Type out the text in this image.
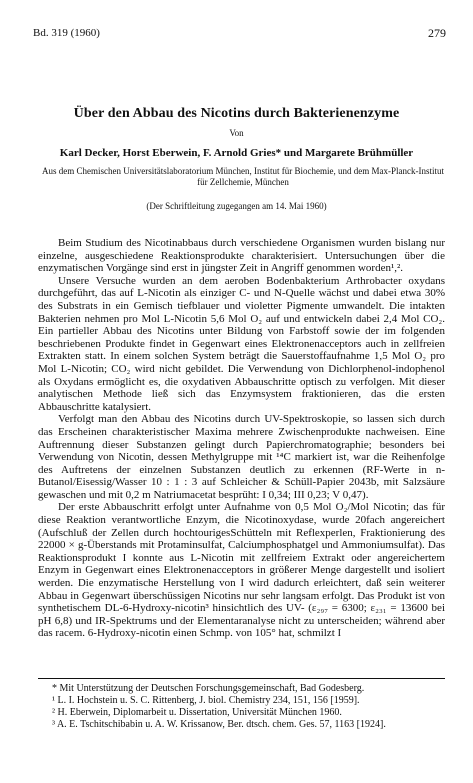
Bd. 319 (1960)	279
Über den Abbau des Nicotins durch Bakterienenzyme
Von
Karl Decker, Horst Eberwein, F. Arnold Gries* und Margarete Brühmüller
Aus dem Chemischen Universitätslaboratorium München, Institut für Biochemie, und dem Max-Planck-Institut für Zellchemie, München
(Der Schriftleitung zugegangen am 14. Mai 1960)

Beim Studium des Nicotinabbaus durch verschiedene Organismen wurden bislang nur einzelne, ausgeschiedene Reaktionsprodukte charakterisiert. Untersuchungen über die enzymatischen Vorgänge sind erst in jüngster Zeit in Angriff genommen worden¹,².

Unsere Versuche wurden an dem aeroben Bodenbakterium Arthrobacter oxydans durchgeführt, das auf L-Nicotin als einziger C- und N-Quelle wächst und dabei etwa 30% des Substrats in ein Gemisch tiefblauer und violetter Pigmente umwandelt. Die intakten Bakterien nehmen pro Mol L-Nicotin 5,6 Mol O₂ auf und entwickeln dabei 2,4 Mol CO₂. Ein partieller Abbau des Nicotins unter Bildung von Farbstoff sowie der im folgenden beschriebenen Produkte findet in Gegenwart eines Elektronenacceptors auch in zellfreien Extrakten statt. In einem solchen System beträgt die Sauerstoffaufnahme 1,5 Mol O₂ pro Mol L-Nicotin; CO₂ wird nicht gebildet. Die Verwendung von Dichlorphenol-indophenol als Oxydans ermöglicht es, die oxydativen Abbauschritte optisch zu verfolgen. Mit dieser analytischen Methode ließ sich das Enzymsystem fraktionieren, das die ersten Abbauschritte katalysiert.

Verfolgt man den Abbau des Nicotins durch UV-Spektroskopie, so lassen sich durch das Erscheinen charakteristischer Maxima mehrere Zwischenprodukte nachweisen. Eine Auftrennung dieser Substanzen gelingt durch Papierchromatographie; besonders bei Verwendung von Nicotin, dessen Methylgruppe mit ¹⁴C markiert ist, war die Reihenfolge des Auftretens der einzelnen Substanzen deutlich zu erkennen (RF-Werte in n-Butanol/Eisessig/Wasser 10 : 1 : 3 auf Schleicher & Schüll-Papier 2043b, mit Salzsäure gewaschen und mit 0,2 m Natriumacetat besprüht: I 0,34; III 0,23; V 0,47).

Der erste Abbauschritt erfolgt unter Aufnahme von 0,5 Mol O₂/Mol Nicotin; das für diese Reaktion verantwortliche Enzym, die Nicotinoxydase, wurde 20fach angereichert (Aufschluß der Zellen durch hochtourigesSchütteln mit Reflexperlen, Fraktionierung des 22000 × g-Überstands mit Protaminsulfat, Calciumphosphatgel und Ammoniumsulfat). Das Reaktionsprodukt I konnte aus L-Nicotin mit zellfreiem Extrakt oder angereichertem Enzym in Gegenwart eines Elektronenacceptors in größerer Menge dargestellt und isoliert werden. Die enzymatische Herstellung von I wird dadurch erleichtert, daß sein weiterer Abbau in Gegenwart überschüssigen Nicotins nur sehr langsam erfolgt. Das Produkt ist von synthetischem DL-6-Hydroxy-nicotin³ hinsichtlich des UV- (ε₂₉₇ = 6300; ε₂₃₁ = 13600 bei pH 6,8) und IR-Spektrums und der Elementaranalyse nicht zu unterscheiden; während aber das racem. 6-Hydroxy-nicotin einen Schmp. von 105° hat, schmilzt I

* Mit Unterstützung der Deutschen Forschungsgemeinschaft, Bad Godesberg.

¹ L. I. Hochstein u. S. C. Rittenberg, J. biol. Chemistry 234, 151, 156 [1959].

² H. Eberwein, Diplomarbeit u. Dissertation, Universität München 1960.

³ A. E. Tschitschibabin u. A. W. Krissanow, Ber. dtsch. chem. Ges. 57, 1163 [1924].
